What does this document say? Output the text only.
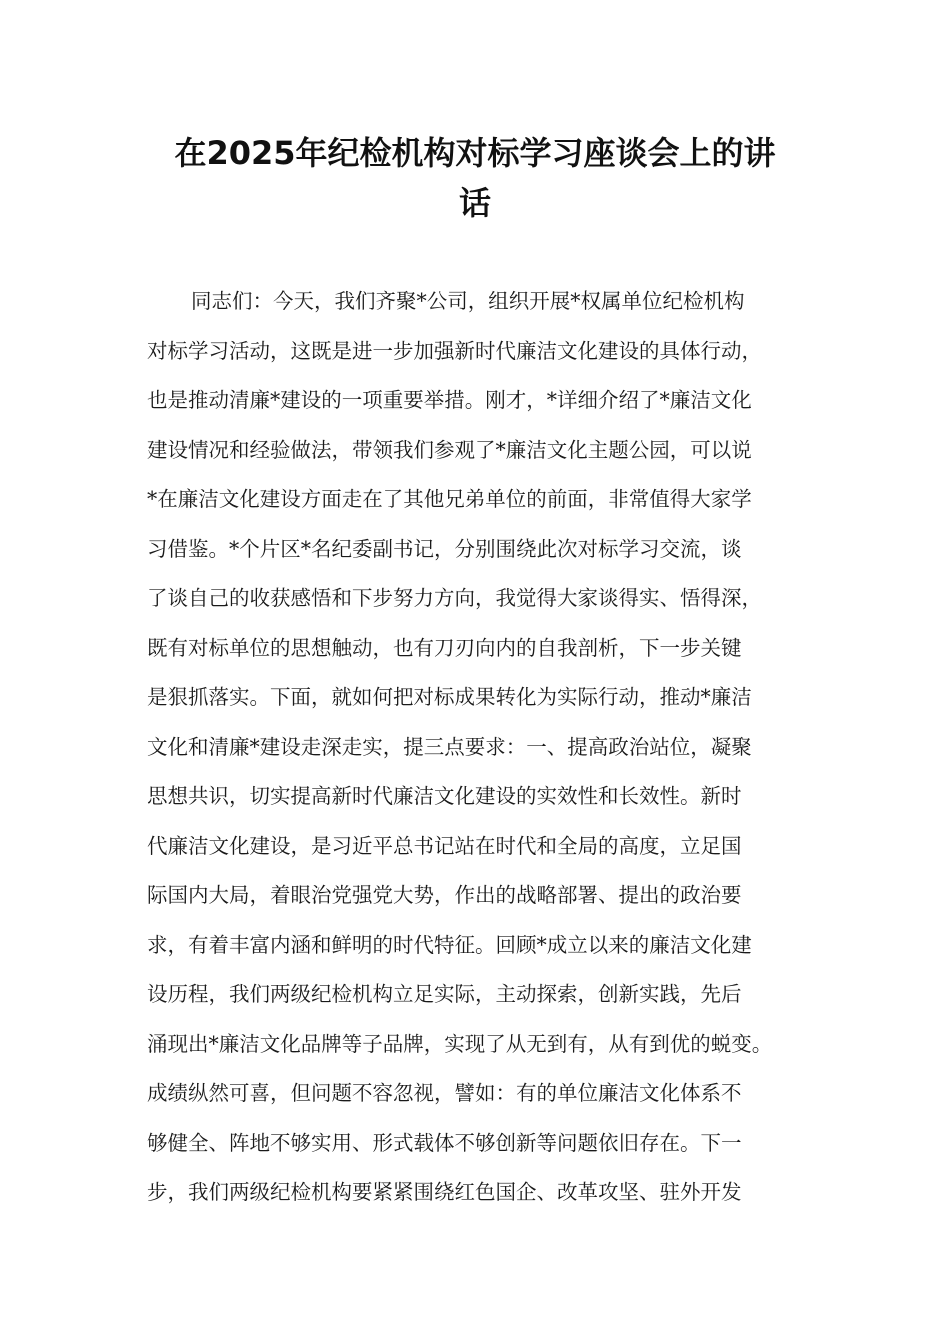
在2025年纪检机构对标学习座谈会上的讲
话
同志们：今天，我们齐聚*公司，组织开展*权属单位纪检机构
对标学习活动，这既是进一步加强新时代廉洁文化建设的具体行动，
也是推动清廉*建设的一项重要举措。刚才，*详细介绍了*廉洁文化
建设情况和经验做法，带领我们参观了*廉洁文化主题公园，可以说
*在廉洁文化建设方面走在了其他兄弟单位的前面，非常值得大家学
习借鉴。*个片区*名纪委副书记，分别围绕此次对标学习交流，谈
了谈自己的收获感悟和下步努力方向，我觉得大家谈得实、悟得深，
既有对标单位的思想触动，也有刀刃向内的自我剖析，下一步关键
是狠抓落实。下面，就如何把对标成果转化为实际行动，推动*廉洁
文化和清廉*建设走深走实，提三点要求：一、提高政治站位，凝聚
思想共识，切实提高新时代廉洁文化建设的实效性和长效性。新时
代廉洁文化建设，是习近平总书记站在时代和全局的高度，立足国
际国内大局，着眼治党强党大势，作出的战略部署、提出的政治要
求，有着丰富内涵和鲜明的时代特征。回顾*成立以来的廉洁文化建
设历程，我们两级纪检机构立足实际，主动探索，创新实践，先后
涌现出*廉洁文化品牌等子品牌，实现了从无到有，从有到优的蜕变。
成绩纵然可喜，但问题不容忽视，譬如：有的单位廉洁文化体系不
够健全、阵地不够实用、形式载体不够创新等问题依旧存在。下一
步，我们两级纪检机构要紧紧围绕红色国企、改革攻坚、驻外开发
